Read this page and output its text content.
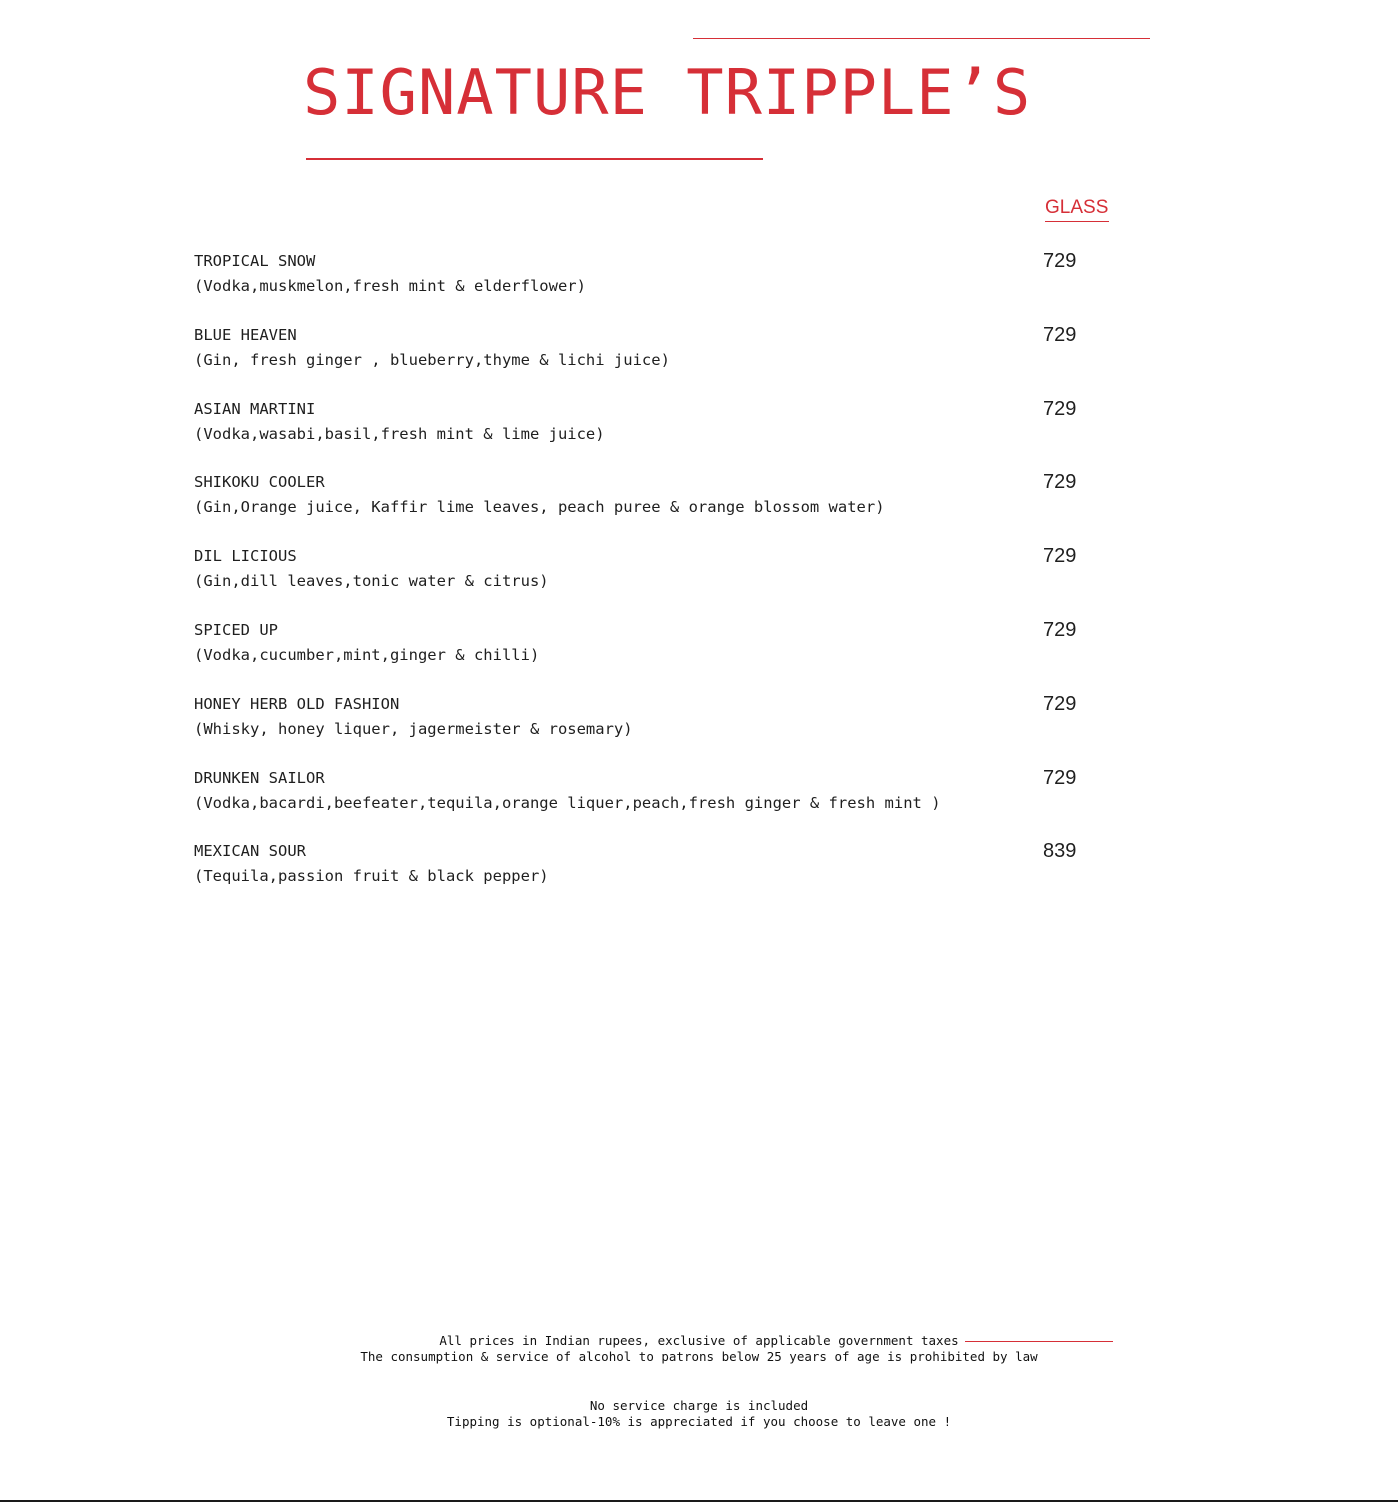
SIGNATURE TRIPPLE’S
GLASS
TROPICAL SNOW
(Vodka,muskmelon,fresh mint & elderflower)
729
BLUE HEAVEN
(Gin, fresh ginger , blueberry,thyme & lichi juice)
729
ASIAN MARTINI
(Vodka,wasabi,basil,fresh mint & lime juice)
729
SHIKOKU COOLER
(Gin,Orange juice, Kaffir lime leaves, peach puree & orange blossom water)
729
DIL LICIOUS
(Gin,dill leaves,tonic water & citrus)
729
SPICED UP
(Vodka,cucumber,mint,ginger & chilli)
729
HONEY HERB OLD FASHION
(Whisky, honey liquer, jagermeister & rosemary)
729
DRUNKEN SAILOR
(Vodka,bacardi,beefeater,tequila,orange liquer,peach,fresh ginger & fresh mint )
729
MEXICAN SOUR
(Tequila,passion fruit & black pepper)
839
All prices in Indian rupees, exclusive of applicable government taxes
The consumption & service of alcohol to patrons below 25 years of age is prohibited by law
No service charge is included
Tipping is optional-10% is appreciated if you choose to leave one !
